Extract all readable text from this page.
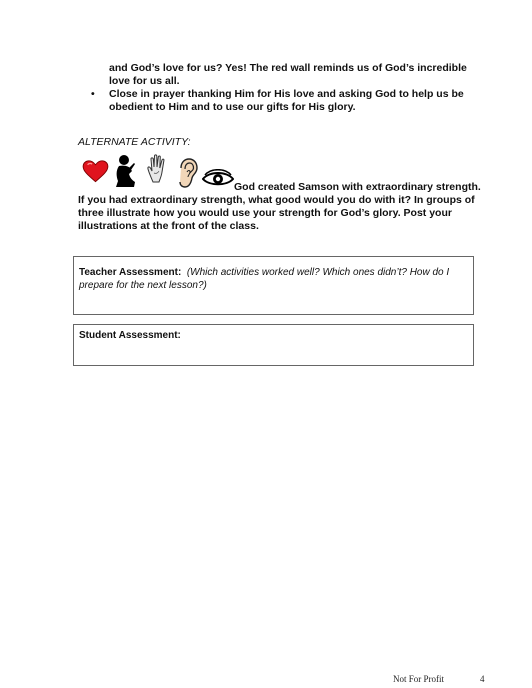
and God’s love for us? Yes! The red wall reminds us of God’s incredible love for us all.
•	Close in prayer thanking Him for His love and asking God to help us be obedient to Him and to use our gifts for His glory.
ALTERNATE ACTIVITY:
God created Samson with extraordinary strength.
If you had extraordinary strength, what good would you do with it? In groups of three illustrate how you would use your strength for God’s glory. Post your illustrations at the front of the class.
Teacher Assessment: (Which activities worked well? Which ones didn’t? How do I prepare for the next lesson?)
Student Assessment:
Not For Profit	4
